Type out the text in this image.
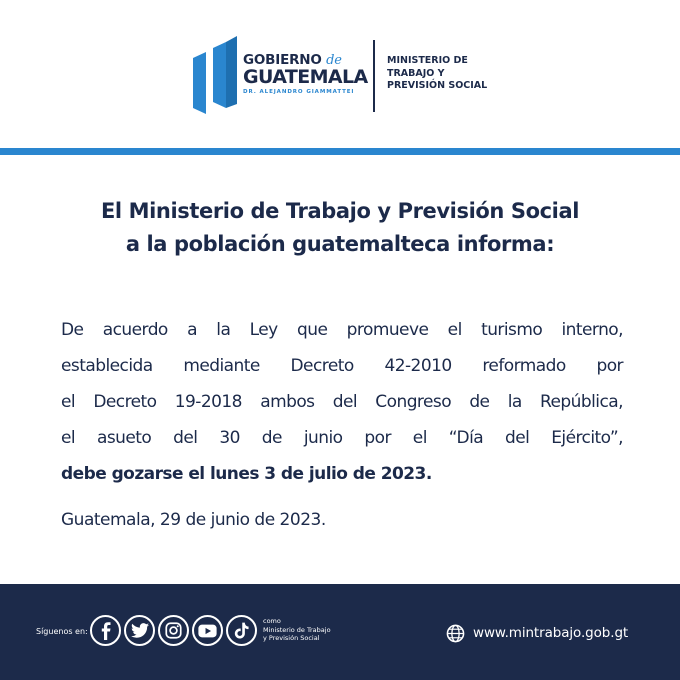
GOBIERNO de
GUATEMALA
DR. ALEJANDRO GIAMMATTEI
MINISTERIO DE
TRABAJO Y
PREVISIÓN SOCIAL
El Ministerio de Trabajo y Previsión Social
a la población guatemalteca informa:
De acuerdo a la Ley que promueve el turismo interno,
establecida mediante Decreto 42-2010 reformado por
el Decreto 19-2018 ambos del Congreso de la República,
el asueto del 30 de junio por el “Día del Ejército”,
debe gozarse el lunes 3 de julio de 2023.
Guatemala, 29 de junio de 2023.
Síguenos en:
como
Ministerio de Trabajo
y Previsión Social	www.mintrabajo.gob.gt
